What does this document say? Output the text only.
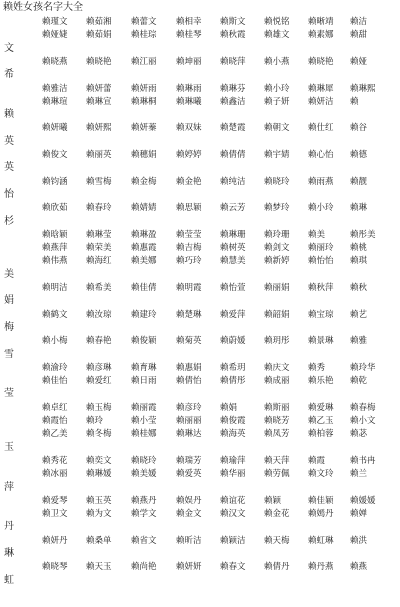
赖姓女孩名字大全
赖瑾文	赖茹湘	赖蕾文	赖相幸	赖斯文	赖悦铭	赖晰靖	赖洁
赖娅婕	赖茹娟	赖桂琮	赖桂琴	赖秋霞	赖雄文	赖素娜	赖甜
文
赖晓燕	赖晓艳	赖江丽	赖坤丽	赖晓萍	赖小燕	赖晓艳	赖娅
希
赖雅洁	赖妍蕾	赖妍雨	赖琳雨	赖琳芬	赖小玲	赖琳犀	赖琳熙
赖琳瑄	赖琳宣	赖琳桐	赖琳曦	赖鑫洁	赖子妍	赖妍洁	赖
赖
赖妍曦	赖妍熙	赖妍蓁	赖双妹	赖楚霞	赖朝文	赖仕红	赖谷
英
赖俊文	赖丽英	赖穗娟	赖婷婷	赖倩倩	赖宇婧	赖心怡	赖德
英
赖钧涵	赖雪梅	赖金梅	赖金艳	赖纯洁	赖晓玲	赖雨燕	赖靓
怡
赖欣茹	赖春玲	赖婧婧	赖思颖	赖云芳	赖梦玲	赖小玲	赖琳
杉
赖晗颖	赖琳莹	赖琳盈	赖莹莹	赖琳珊	赖玲珊	赖美	赖彤美
赖燕萍	赖荣美	赖惠霞	赖吉梅	赖树英	赖剑文	赖丽玲	赖桃
赖伟燕	赖海红	赖美娜	赖巧玲	赖慧美	赖新婷	赖怡怡	赖琪
美
赖明洁	赖希美	赖佳倩	赖明霞	赖怡萱	赖丽娟	赖秋萍	赖秋
娟
赖鹤文	赖汝琼	赖建玲	赖楚琳	赖爱萍	赖韶娟	赖宝琼	赖艺
梅
赖小梅	赖春艳	赖俊颖	赖菊英	赖蔚媛	赖玥彤	赖景琳	赖雅
雪
赖渝玲	赖彦琳	赖育琳	赖惠娟	赖希玥	赖庆文	赖秀	赖玲华
赖佳怡	赖爱红	赖日雨	赖倩怡	赖倩彤	赖成丽	赖乐艳	赖乾
莹
赖卓红	赖玉梅	赖丽霞	赖彦玲	赖娟	赖斯丽	赖爱琳	赖春梅
赖霞怡	赖玲	赖小莹	赖丽丽	赖俊霞	赖晓芳	赖乙玉	赖小文
赖乙美	赖冬梅	赖桂娜	赖琳达	赖海英	赖凤芳	赖柏蓉	赖苾
玉
赖秀花	赖奕文	赖晓玲	赖瑞芳	赖瑜萍	赖天萍	赖霞	赖书冉
赖冰丽	赖琳媛	赖美媛	赖爱英	赖华丽	赖劳佩	赖文玲	赖兰
萍
赖爱琴	赖玉英	赖燕丹	赖娱丹	赖谊花	赖颖	赖佳颖	赖媛媛
赖卫文	赖为文	赖学文	赖金文	赖汉文	赖金花	赖嫣丹	赖婵
丹
赖妍丹	赖桑单	赖省文	赖昕洁	赖颖洁	赖天梅	赖虹琳	赖洪
琳
赖晓琴	赖天玉	赖尚艳	赖妍妍	赖春文	赖倩丹	赖丹燕	赖燕
虹
